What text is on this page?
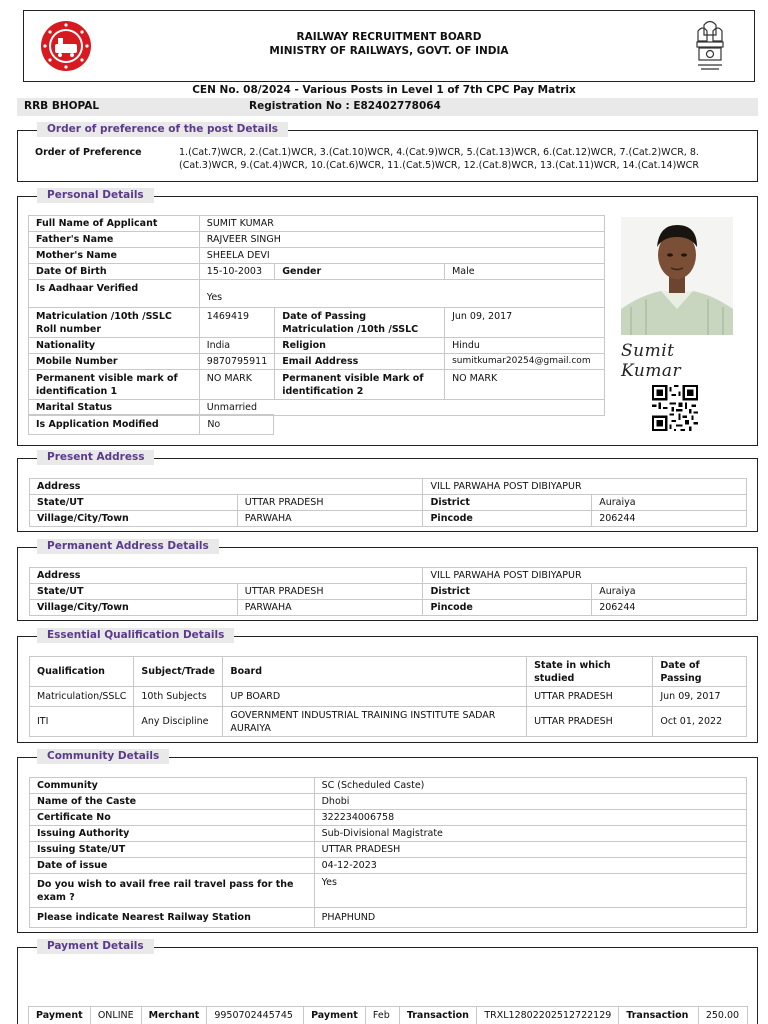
RAILWAY RECRUITMENT BOARD
MINISTRY OF RAILWAYS, GOVT. OF INDIA
CEN No. 08/2024 - Various Posts in Level 1 of 7th CPC Pay Matrix
RRB BHOPAL	Registration No : E82402778064
Order of preference of the post Details
Order of Preference	1.(Cat.7)WCR, 2.(Cat.1)WCR, 3.(Cat.10)WCR, 4.(Cat.9)WCR, 5.(Cat.13)WCR, 6.(Cat.12)WCR, 7.(Cat.2)WCR, 8.(Cat.3)WCR, 9.(Cat.4)WCR, 10.(Cat.6)WCR, 11.(Cat.5)WCR, 12.(Cat.8)WCR, 13.(Cat.11)WCR, 14.(Cat.14)WCR
Personal Details
Full Name of Applicant	SUMIT KUMAR		
Father's Name	RAJVEER SINGH		
Mother's Name	SHEELA DEVI		
Date Of Birth	15-10-2003	Gender	Male
Is Aadhaar Verified	Yes		
Matriculation /10th /SSLC Roll number	1469419	Date of Passing Matriculation /10th /SSLC	Jun 09, 2017
Nationality	India	Religion	Hindu
Mobile Number	9870795911	Email Address	sumitkumar20254@gmail.com
Permanent visible mark of identification 1	NO MARK	Permanent visible Mark of identification 2	NO MARK
Marital Status	Unmarried		
Is Application Modified	No
Sumit Kumar
Present Address
Address		VILL PARWAHA POST DIBIYAPUR	
State/UT	UTTAR PRADESH	District	Auraiya
Village/City/Town	PARWAHA	Pincode	206244
Permanent Address Details
Address		VILL PARWAHA POST DIBIYAPUR	
State/UT	UTTAR PRADESH	District	Auraiya
Village/City/Town	PARWAHA	Pincode	206244
Essential Qualification Details
Qualification	Subject/Trade	Board	State in which studied	Date of Passing
Matriculation/SSLC	10th Subjects	UP BOARD	UTTAR PRADESH	Jun 09, 2017
ITI	Any Discipline	GOVERNMENT INDUSTRIAL TRAINING INSTITUTE SADAR AURAIYA	UTTAR PRADESH	Oct 01, 2022
Community Details
Community	SC (Scheduled Caste)
Name of the Caste	Dhobi
Certificate No	322234006758
Issuing Authority	Sub-Divisional Magistrate
Issuing State/UT	UTTAR PRADESH
Date of issue	04-12-2023
Do you wish to avail free rail travel pass for the exam ?	Yes
Please indicate Nearest Railway Station	PHAPHUND
Payment Details
Payment	ONLINE	Merchant	9950702445745	Payment	Feb	Transaction	TRXL12802202512722129	Transaction	250.00
